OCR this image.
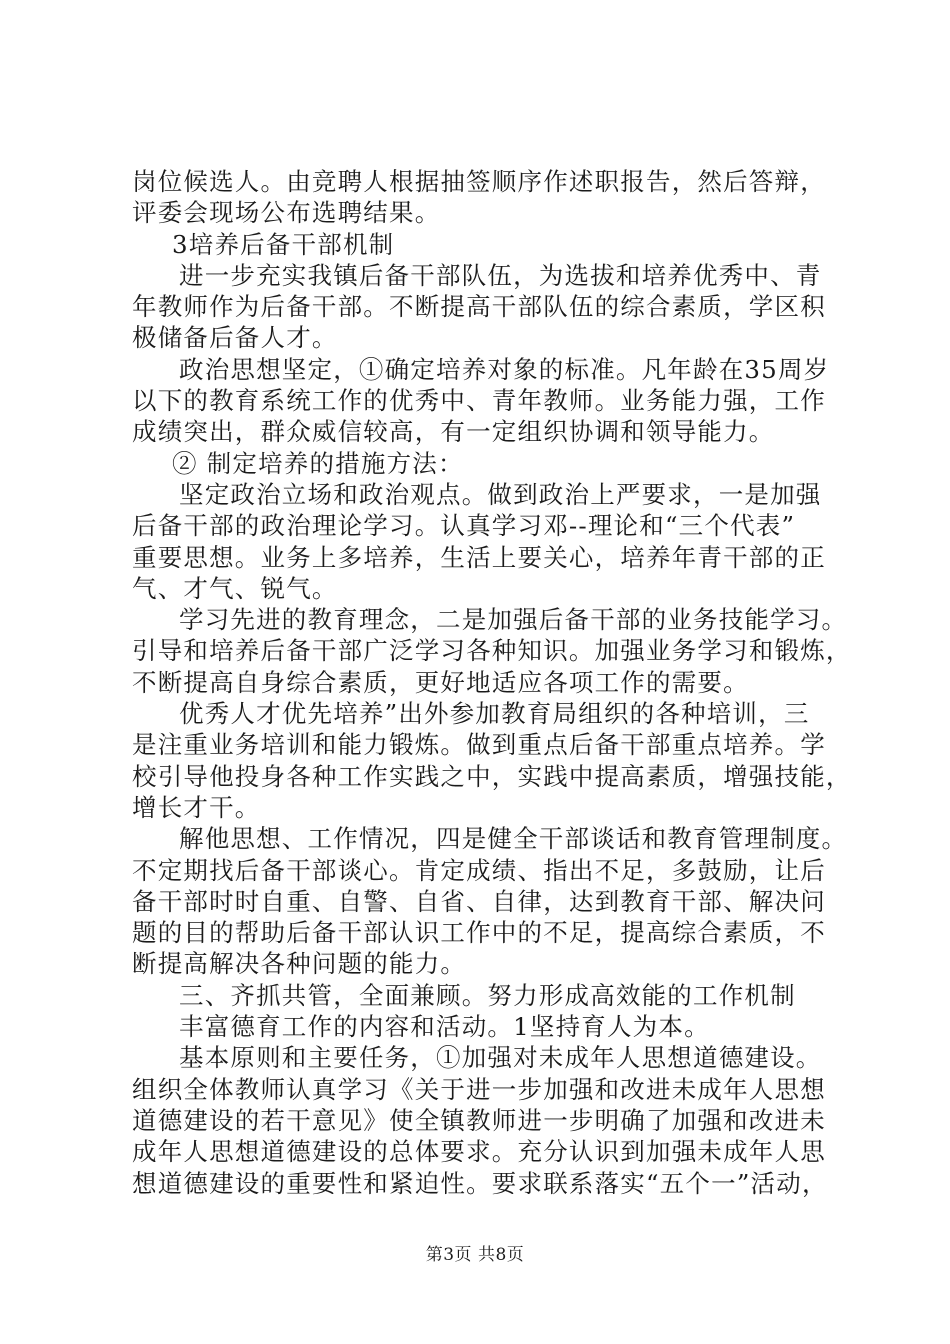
岗位候选人。由竞聘人根据抽签顺序作述职报告，然后答辩，
评委会现场公布选聘结果。
3培养后备干部机制
进一步充实我镇后备干部队伍，为选拔和培养优秀中、青
年教师作为后备干部。不断提高干部队伍的综合素质，学区积
极储备后备人才。
政治思想坚定，①确定培养对象的标准。凡年龄在35周岁
以下的教育系统工作的优秀中、青年教师。业务能力强，工作
成绩突出，群众威信较高，有一定组织协调和领导能力。
② 制定培养的措施方法：
坚定政治立场和政治观点。做到政治上严要求，一是加强
后备干部的政治理论学习。认真学习邓--理论和“三个代表”
重要思想。业务上多培养，生活上要关心，培养年青干部的正
气、才气、锐气。
学习先进的教育理念，二是加强后备干部的业务技能学习。
引导和培养后备干部广泛学习各种知识。加强业务学习和锻炼，
不断提高自身综合素质，更好地适应各项工作的需要。
优秀人才优先培养”出外参加教育局组织的各种培训，三
是注重业务培训和能力锻炼。做到重点后备干部重点培养。学
校引导他投身各种工作实践之中，实践中提高素质，增强技能，
增长才干。
解他思想、工作情况，四是健全干部谈话和教育管理制度。
不定期找后备干部谈心。肯定成绩、指出不足，多鼓励，让后
备干部时时自重、自警、自省、自律，达到教育干部、解决问
题的目的帮助后备干部认识工作中的不足，提高综合素质，不
断提高解决各种问题的能力。
三、齐抓共管，全面兼顾。努力形成高效能的工作机制
丰富德育工作的内容和活动。1坚持育人为本。
基本原则和主要任务，①加强对未成年人思想道德建设。
组织全体教师认真学习《关于进一步加强和改进未成年人思想
道德建设的若干意见》使全镇教师进一步明确了加强和改进未
成年人思想道德建设的总体要求。充分认识到加强未成年人思
想道德建设的重要性和紧迫性。要求联系落实“五个一”活动，
第3页 共8页
